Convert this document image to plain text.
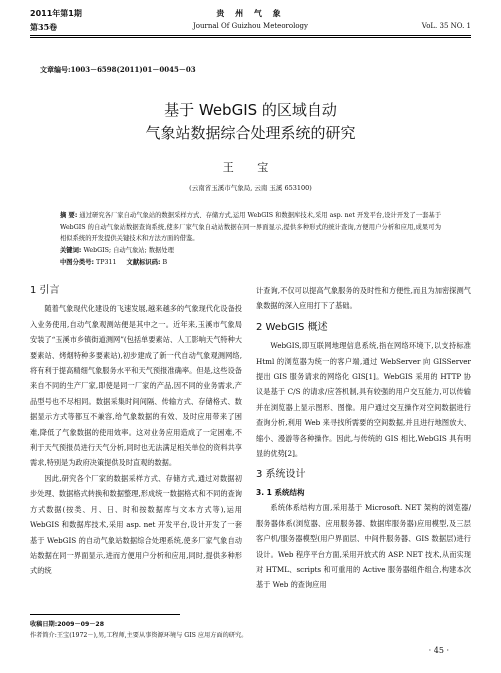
2011年第1期	贵 州 气 象
第35卷	Journal Of Guizhou Meteorology	VoL. 35 NO. 1
文章编号:1003－6598(2011)01－0045－03
基于 WebGIS 的区域自动
气象站数据综合处理系统的研究
王 宝
(云南省玉溪市气象局, 云南 玉溪 653100)
摘 要: 通过研究各厂家自动气象站的数据采样方式、存储方式,运用 WebGIS 和数据库技术,采用 asp. net 开发平台,设计开发了一套基于 WebGIS 的自动气象站数据查询系统,使多厂家气象自动站数据在同一界面显示,提供多种形式的统计查询,方便用户分析和应用,成果可为相似系统的开发提供关键技术和方法方面的借鉴。
关键词: WebGIS; 自动气象站; 数据处理
中图分类号: TP311 文献标识码: B
1 引言

随着气象现代化建设的飞速发展,越来越多的气象现代化设备投入业务使用,自动气象观测站便是其中之一。近年来,玉溪市气象局安装了“玉溪市乡镇街道测网”(包括单要素站、人工影响天气特种大要素站、烤烟特种多要素站),初步建成了新一代自动气象观测网络,将有利于提高精细气象服务水平和天气预报准确率。但是,这些设备来自不同的生产厂家,即使是同一厂家的产品,因不同的业务需求,产品型号也不尽相同。数据采集时间间隔、传输方式、存储格式、数据显示方式等都互不兼容,给气象数据的有效、及时应用带来了困难,降低了气象数据的使用效率。这对业务应用造成了一定困难,不利于天气预报员进行天气分析,同时也无法满足相关单位的资料共享需求,特别是为政府决策提供及时直观的数据。

因此,研究各个厂家的数据采样方式、存储方式,通过对数据初步处理、数据格式转换和数据整理,形成统一数据格式和不同的查询方式数据(按类、月、日、时和按数据库与文本方式等),运用 WebGIS 和数据库技术,采用 asp. net 开发平台,设计开发了一套基于 WebGIS 的自动气象站数据综合处理系统,使多厂家气象自动站数据在同一界面显示,进而方便用户分析和应用,同时,提供多种形式的统

计查询,不仅可以提高气象服务的及时性和方便性,而且为加密探测气象数据的深入应用打下了基础。
2 WebGIS 概述

WebGIS,即互联网地理信息系统,指在网络环境下,以支持标准 Html 的浏览器为统一的客户端,通过 WebServer 向 GISServer 提出 GIS 服务请求的网络化 GIS[1]。WebGIS 采用的 HTTP 协议是基于 C/S 的请求/应答机制,具有较强的用户交互能力,可以传输并在浏览器上显示图形、图像。用户通过交互操作对空间数据进行查询分析,利用 Web 来寻找所需要的空间数据,并且进行地图放大、缩小、漫游等各种操作。因此,与传统的 GIS 相比,WebGIS 具有明显的优势[2]。

3 系统设计
3. 1 系统结构

系统体系结构方面,采用基于 Microsoft. NET 架构的浏览器/服务器体系(浏览器、应用服务器、数据库服务器)应用模型,及三层客户机/服务器模型(用户界面层、中间件服务器、GIS 数据层)进行设计。Web 程序平台方面,采用开放式的 ASP. NET 技术,从而实现对 HTML、scripts 和可重用的 Active 服务器组件组合,构建本次基于 Web 的查询应用

收稿日期:2009－09－28
作者简介:王宝(1972－),男,工程师,主要从事资源环境与 GIS 应用方面的研究。
· 45 ·
